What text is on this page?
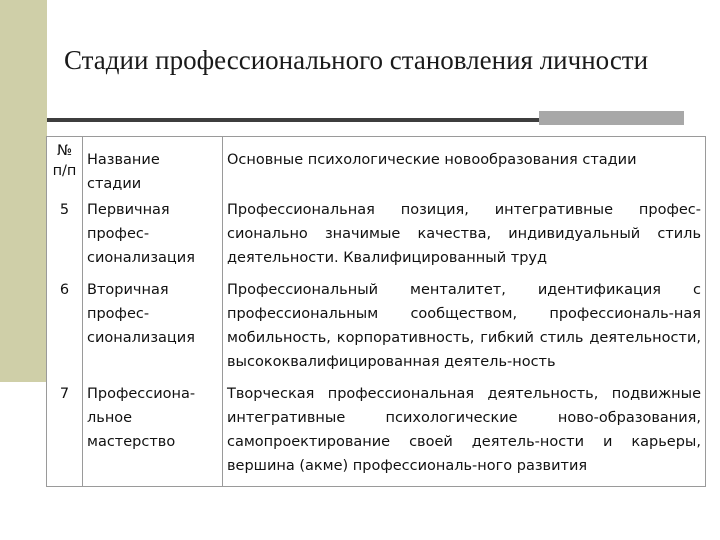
Стадии профессионального становления личности
№ п/п	Название стадии	Основные психологические новообразования стадии
5	Первичная профес-сионализация	Профессиональная позиция, интегративные профес-сионально значимые качества, индивидуальный стиль деятельности. Квалифицированный труд
6	Вторичная профес-сионализация	Профессиональный менталитет, идентификация с профессиональным сообществом, профессиональ-ная мобильность, корпоративность, гибкий стиль деятельности, высококвалифицированная деятель-ность
7	Профессиона-льное мастерство	Творческая профессиональная деятельность, подвижные интегративные психологические ново-образования, самопроектирование своей деятель-ности и карьеры, вершина (акме) профессиональ-ного развития
